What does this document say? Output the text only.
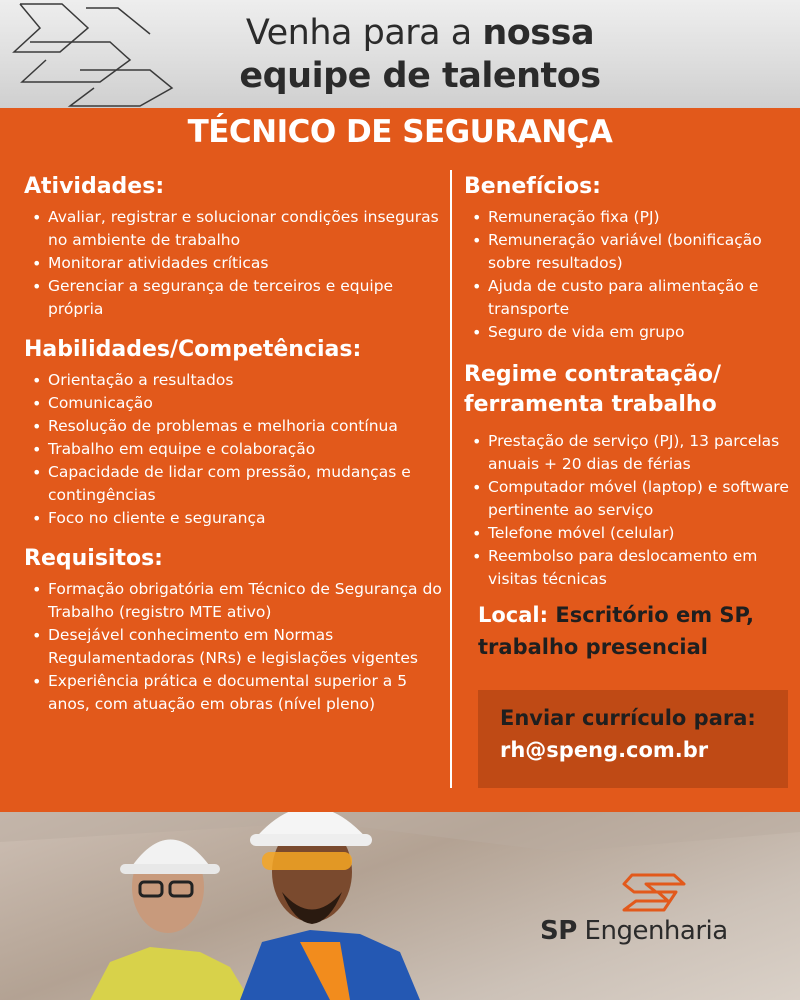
Venha para a nossa
equipe de talentos
TÉCNICO DE SEGURANÇA
Atividades:
• Avaliar, registrar e solucionar condições inseguras no ambiente de trabalho
• Monitorar atividades críticas
• Gerenciar a segurança de terceiros e equipe própria
Habilidades/Competências:
• Orientação a resultados
• Comunicação
• Resolução de problemas e melhoria contínua
• Trabalho em equipe e colaboração
• Capacidade de lidar com pressão, mudanças e contingências
• Foco no cliente e segurança
Requisitos:
• Formação obrigatória em Técnico de Segurança do Trabalho (registro MTE ativo)
• Desejável conhecimento em Normas Regulamentadoras (NRs) e legislações vigentes
• Experiência prática e documental superior a 5 anos, com atuação em obras (nível pleno)
Benefícios:
• Remuneração fixa (PJ)
• Remuneração variável (bonificação sobre resultados)
• Ajuda de custo para alimentação e transporte
• Seguro de vida em grupo
Regime contratação/
ferramenta trabalho
• Prestação de serviço (PJ), 13 parcelas anuais + 20 dias de férias
• Computador móvel (laptop) e software pertinente ao serviço
• Telefone móvel (celular)
• Reembolso para deslocamento em visitas técnicas
Local: Escritório em SP, trabalho presencial
Enviar currículo para:
rh@speng.com.br
SP Engenharia
